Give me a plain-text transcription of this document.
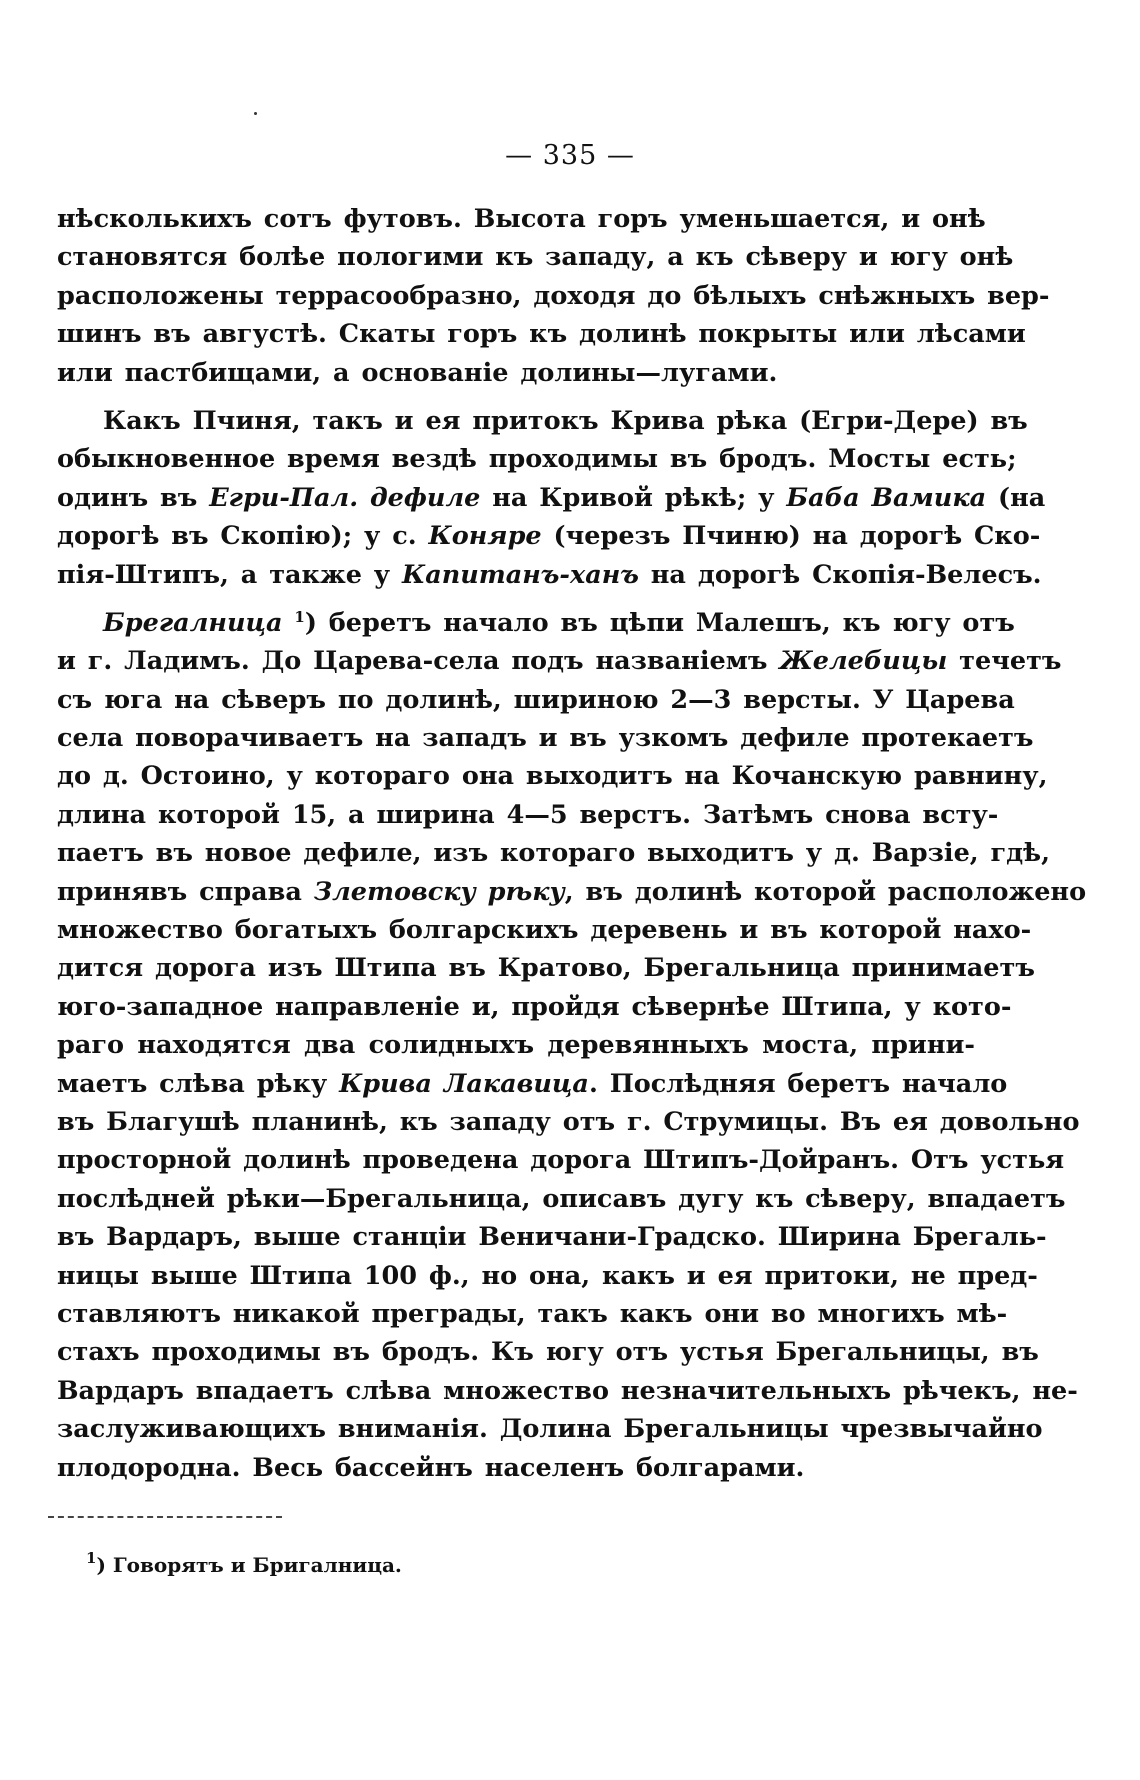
— 335 —
нѣсколькихъ сотъ футовъ. Высота горъ уменьшается, и онѣ
становятся болѣе пологими къ западу, а къ сѣверу и югу онѣ
расположены террасообразно, доходя до бѣлыхъ снѣжныхъ вер-
шинъ въ августѣ. Скаты горъ къ долинѣ покрыты или лѣсами
или пастбищами, а основаніе долины—лугами.
Какъ Пчиня, такъ и ея притокъ Крива рѣка (Егри-Дере) въ
обыкновенное время вездѣ проходимы въ бродъ. Мосты есть;
одинъ въ Егри-Пал. дефиле на Кривой рѣкѣ; у Баба Вамика (на
дорогѣ въ Скопію); у с. Коняре (черезъ Пчиню) на дорогѣ Ско-
пія-Штипъ, а также у Капитанъ-ханъ на дорогѣ Скопія-Велесъ.
Брегалница $^1$) беретъ начало въ цѣпи Малешъ, къ югу отъ
и г. Ладимъ. До Царева-села подъ названіемъ Желебицы течетъ
съ юга на сѣверъ по долинѣ, шириною 2—3 версты. У Царева
села поворачиваетъ на западъ и въ узкомъ дефиле протекаетъ
до д. Остоино, у котораго она выходитъ на Кочанскую равнину,
длина которой 15, а ширина 4—5 верстъ. Затѣмъ снова всту-
паетъ въ новое дефиле, изъ котораго выходитъ у д. Варзіе, гдѣ,
принявъ справа Злетовску рѣку, въ долинѣ которой расположено
множество богатыхъ болгарскихъ деревень и въ которой нахо-
дится дорога изъ Штипа въ Кратово, Брегальница принимаетъ
юго-западное направленіе и, пройдя сѣвернѣе Штипа, у кото-
раго находятся два солидныхъ деревянныхъ моста, прини-
маетъ слѣва рѣку Крива Лакавица. Послѣдняя беретъ начало
въ Благушѣ планинѣ, къ западу отъ г. Струмицы. Въ ея довольно
просторной долинѣ проведена дорога Штипъ-Дойранъ. Отъ устья
послѣдней рѣки—Брегальница, описавъ дугу къ сѣверу, впадаетъ
въ Вардаръ, выше станціи Веничани-Градско. Ширина Брегаль-
ницы выше Штипа 100 ф., но она, какъ и ея притоки, не пред-
ставляютъ никакой преграды, такъ какъ они во многихъ мѣ-
стахъ проходимы въ бродъ. Къ югу отъ устья Брегальницы, въ
Вардаръ впадаетъ слѣва множество незначительныхъ рѣчекъ, не-
заслуживающихъ вниманія. Долина Брегальницы чрезвычайно
плодородна. Весь бассейнъ населенъ болгарами.
$^1$) Говорятъ и Бригалница.
